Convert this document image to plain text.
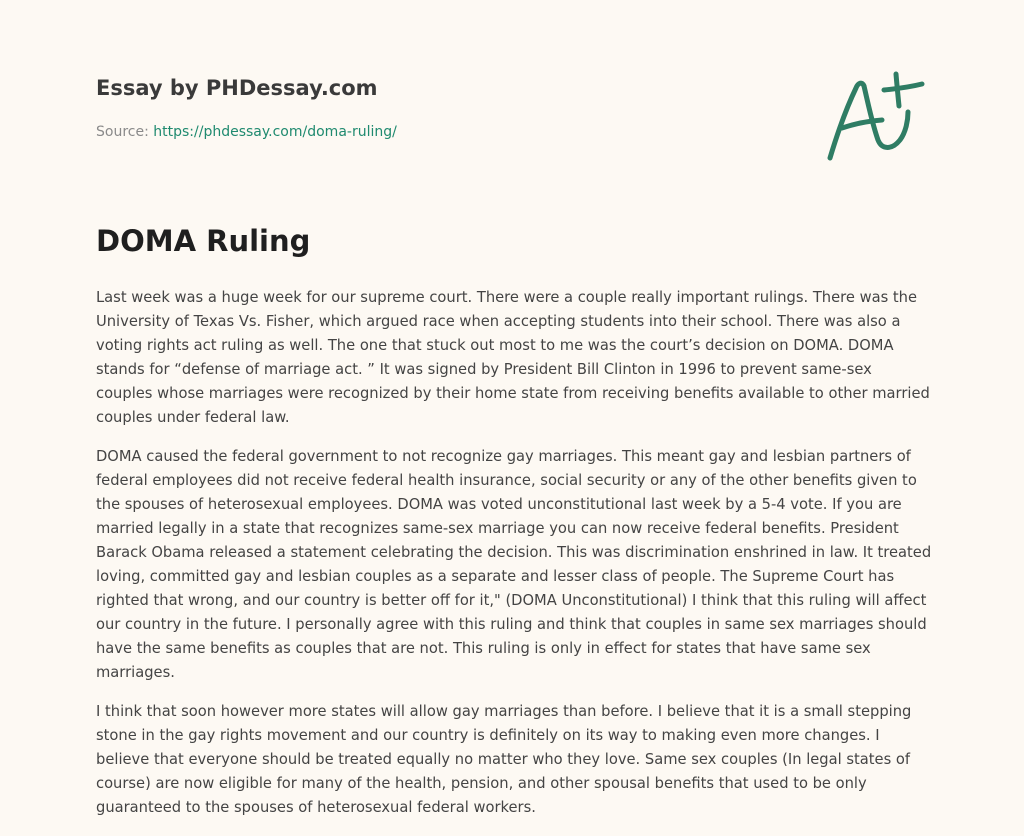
Essay by PHDessay.com
Source: https://phdessay.com/doma-ruling/
DOMA Ruling

Last week was a huge week for our supreme court. There were a couple really important rulings. There was the University of Texas Vs. Fisher, which argued race when accepting students into their school. There was also a voting rights act ruling as well. The one that stuck out most to me was the court’s decision on DOMA. DOMA stands for “defense of marriage act. ” It was signed by President Bill Clinton in 1996 to prevent same-sex couples whose marriages were recognized by their home state from receiving benefits available to other married couples under federal law.

DOMA caused the federal government to not recognize gay marriages. This meant gay and lesbian partners of federal employees did not receive federal health insurance, social security or any of the other benefits given to the spouses of heterosexual employees. DOMA was voted unconstitutional last week by a 5-4 vote. If you are married legally in a state that recognizes same-sex marriage you can now receive federal benefits. President Barack Obama released a statement celebrating the decision. This was discrimination enshrined in law. It treated loving, committed gay and lesbian couples as a separate and lesser class of people. The Supreme Court has righted that wrong, and our country is better off for it," (DOMA Unconstitutional) I think that this ruling will affect our country in the future. I personally agree with this ruling and think that couples in same sex marriages should have the same benefits as couples that are not. This ruling is only in effect for states that have same sex marriages.

I think that soon however more states will allow gay marriages than before. I believe that it is a small stepping stone in the gay rights movement and our country is definitely on its way to making even more changes. I believe that everyone should be treated equally no matter who they love. Same sex couples (In legal states of course) are now eligible for many of the health, pension, and other spousal benefits that used to be only guaranteed to the spouses of heterosexual federal workers.
